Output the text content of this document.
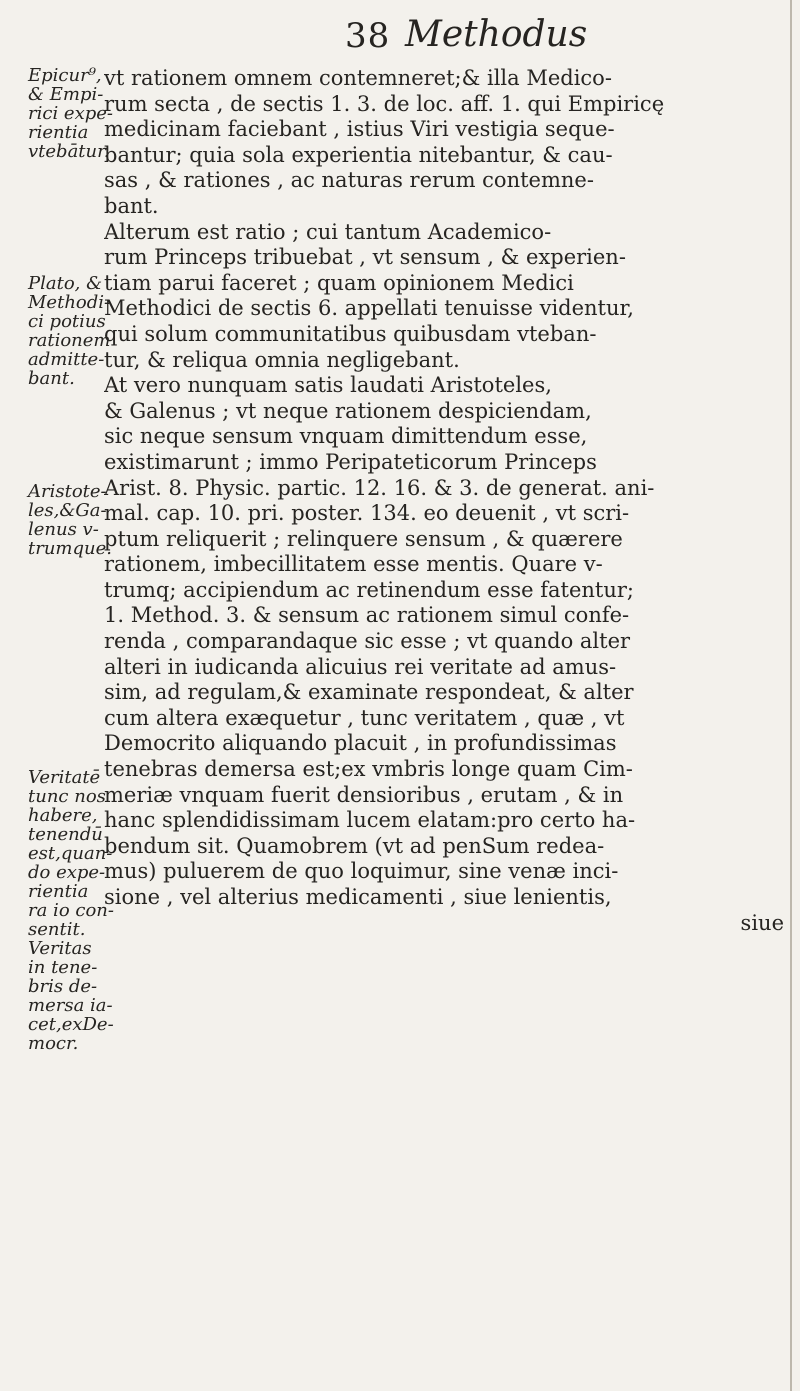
38 Methodus
Epicur⁹,
& Empi-
rici expe-
rientia
vtebātur.
Plato, &
Methodi-
ci potius
rationem
admitte-
bant.
Aristote-
les,&Ga-
lenus v-
trumque.
Veritatē
tunc nos
habere,
tenendū
est,quan-
do expe-
rientia
ra io con-
sentit.
Veritas
in tene-
bris de-
mersa ia-
cet,exDe-
mocr.
vt rationem omnem contemneret;& illa Medico-
rum secta , de sectis 1. 3. de loc. aff. 1. qui Empiricę
medicinam faciebant , istius Viri vestigia seque-
bantur; quia sola experientia nitebantur, & cau-
sas , & rationes , ac naturas rerum contemne-
bant.
Alterum est ratio ; cui tantum Academico-
rum Princeps tribuebat , vt sensum , & experien-
tiam parui faceret ; quam opinionem Medici
Methodici de sectis 6. appellati tenuisse videntur,
qui solum communitatibus quibusdam vteban-
tur, & reliqua omnia negligebant.
At vero nunquam satis laudati Aristoteles,
& Galenus ; vt neque rationem despiciendam,
sic neque sensum vnquam dimittendum esse,
existimarunt ; immo Peripateticorum Princeps
Arist. 8. Physic. partic. 12. 16. & 3. de generat. ani-
mal. cap. 10. pri. poster. 134. eo deuenit , vt scri-
ptum reliquerit ; relinquere sensum , & quærere
rationem, imbecillitatem esse mentis. Quare v-
trumq; accipiendum ac retinendum esse fatentur;
1. Method. 3. & sensum ac rationem simul confe-
renda , comparandaque sic esse ; vt quando alter
alteri in iudicanda alicuius rei veritate ad amus-
sim, ad regulam,& examinate respondeat, & alter
cum altera exæquetur , tunc veritatem , quæ , vt
Democrito aliquando placuit , in profundissimas
tenebras demersa est;ex vmbris longe quam Cim-
meriæ vnquam fuerit densioribus , erutam , & in
hanc splendidissimam lucem elatam:pro certo ha-
bendum sit. Quamobrem (vt ad penSum redea-
mus) puluerem de quo loquimur, sine venæ inci-
sione , vel alterius medicamenti , siue lenientis,
siue
